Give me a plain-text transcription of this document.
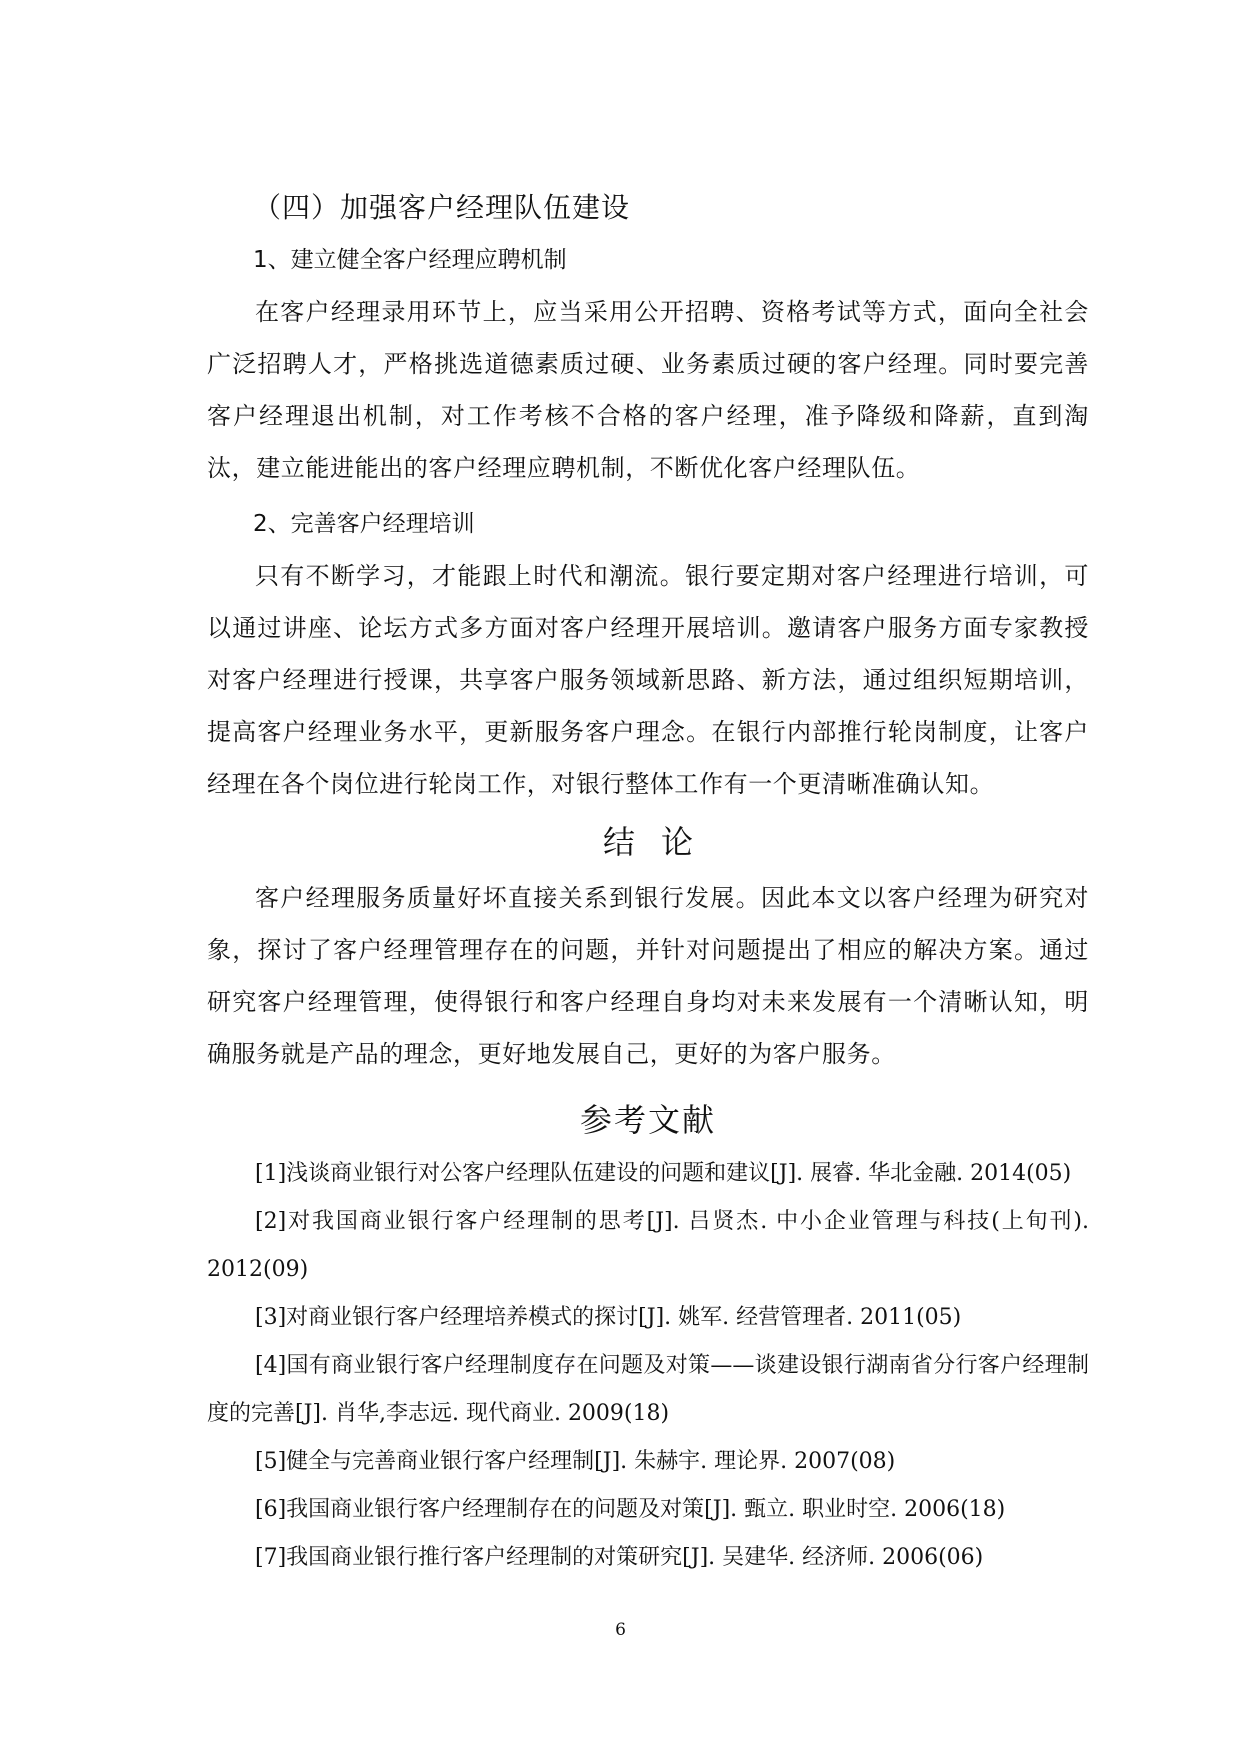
（四）加强客户经理队伍建设
1、建立健全客户经理应聘机制

在客户经理录用环节上，应当采用公开招聘、资格考试等方式，面向全社会广泛招聘人才，严格挑选道德素质过硬、业务素质过硬的客户经理。同时要完善客户经理退出机制，对工作考核不合格的客户经理，准予降级和降薪，直到淘汰，建立能进能出的客户经理应聘机制，不断优化客户经理队伍。

2、完善客户经理培训

只有不断学习，才能跟上时代和潮流。银行要定期对客户经理进行培训，可以通过讲座、论坛方式多方面对客户经理开展培训。邀请客户服务方面专家教授对客户经理进行授课，共享客户服务领域新思路、新方法，通过组织短期培训，提高客户经理业务水平，更新服务客户理念。在银行内部推行轮岗制度，让客户经理在各个岗位进行轮岗工作，对银行整体工作有一个更清晰准确认知。

结论

客户经理服务质量好坏直接关系到银行发展。因此本文以客户经理为研究对象，探讨了客户经理管理存在的问题，并针对问题提出了相应的解决方案。通过研究客户经理管理，使得银行和客户经理自身均对未来发展有一个清晰认知，明确服务就是产品的理念，更好地发展自己，更好的为客户服务。

参考文献
[1]浅谈商业银行对公客户经理队伍建设的问题和建议[J]. 展睿. 华北金融. 2014(05)
[2]对我国商业银行客户经理制的思考[J]. 吕贤杰. 中小企业管理与科技(上旬刊). 2012(09)
[3]对商业银行客户经理培养模式的探讨[J]. 姚军. 经营管理者. 2011(05)
[4]国有商业银行客户经理制度存在问题及对策——谈建设银行湖南省分行客户经理制度的完善[J]. 肖华,李志远. 现代商业. 2009(18)
[5]健全与完善商业银行客户经理制[J]. 朱赫宇. 理论界. 2007(08)
[6]我国商业银行客户经理制存在的问题及对策[J]. 甄立. 职业时空. 2006(18)
[7]我国商业银行推行客户经理制的对策研究[J]. 吴建华. 经济师. 2006(06)
6
